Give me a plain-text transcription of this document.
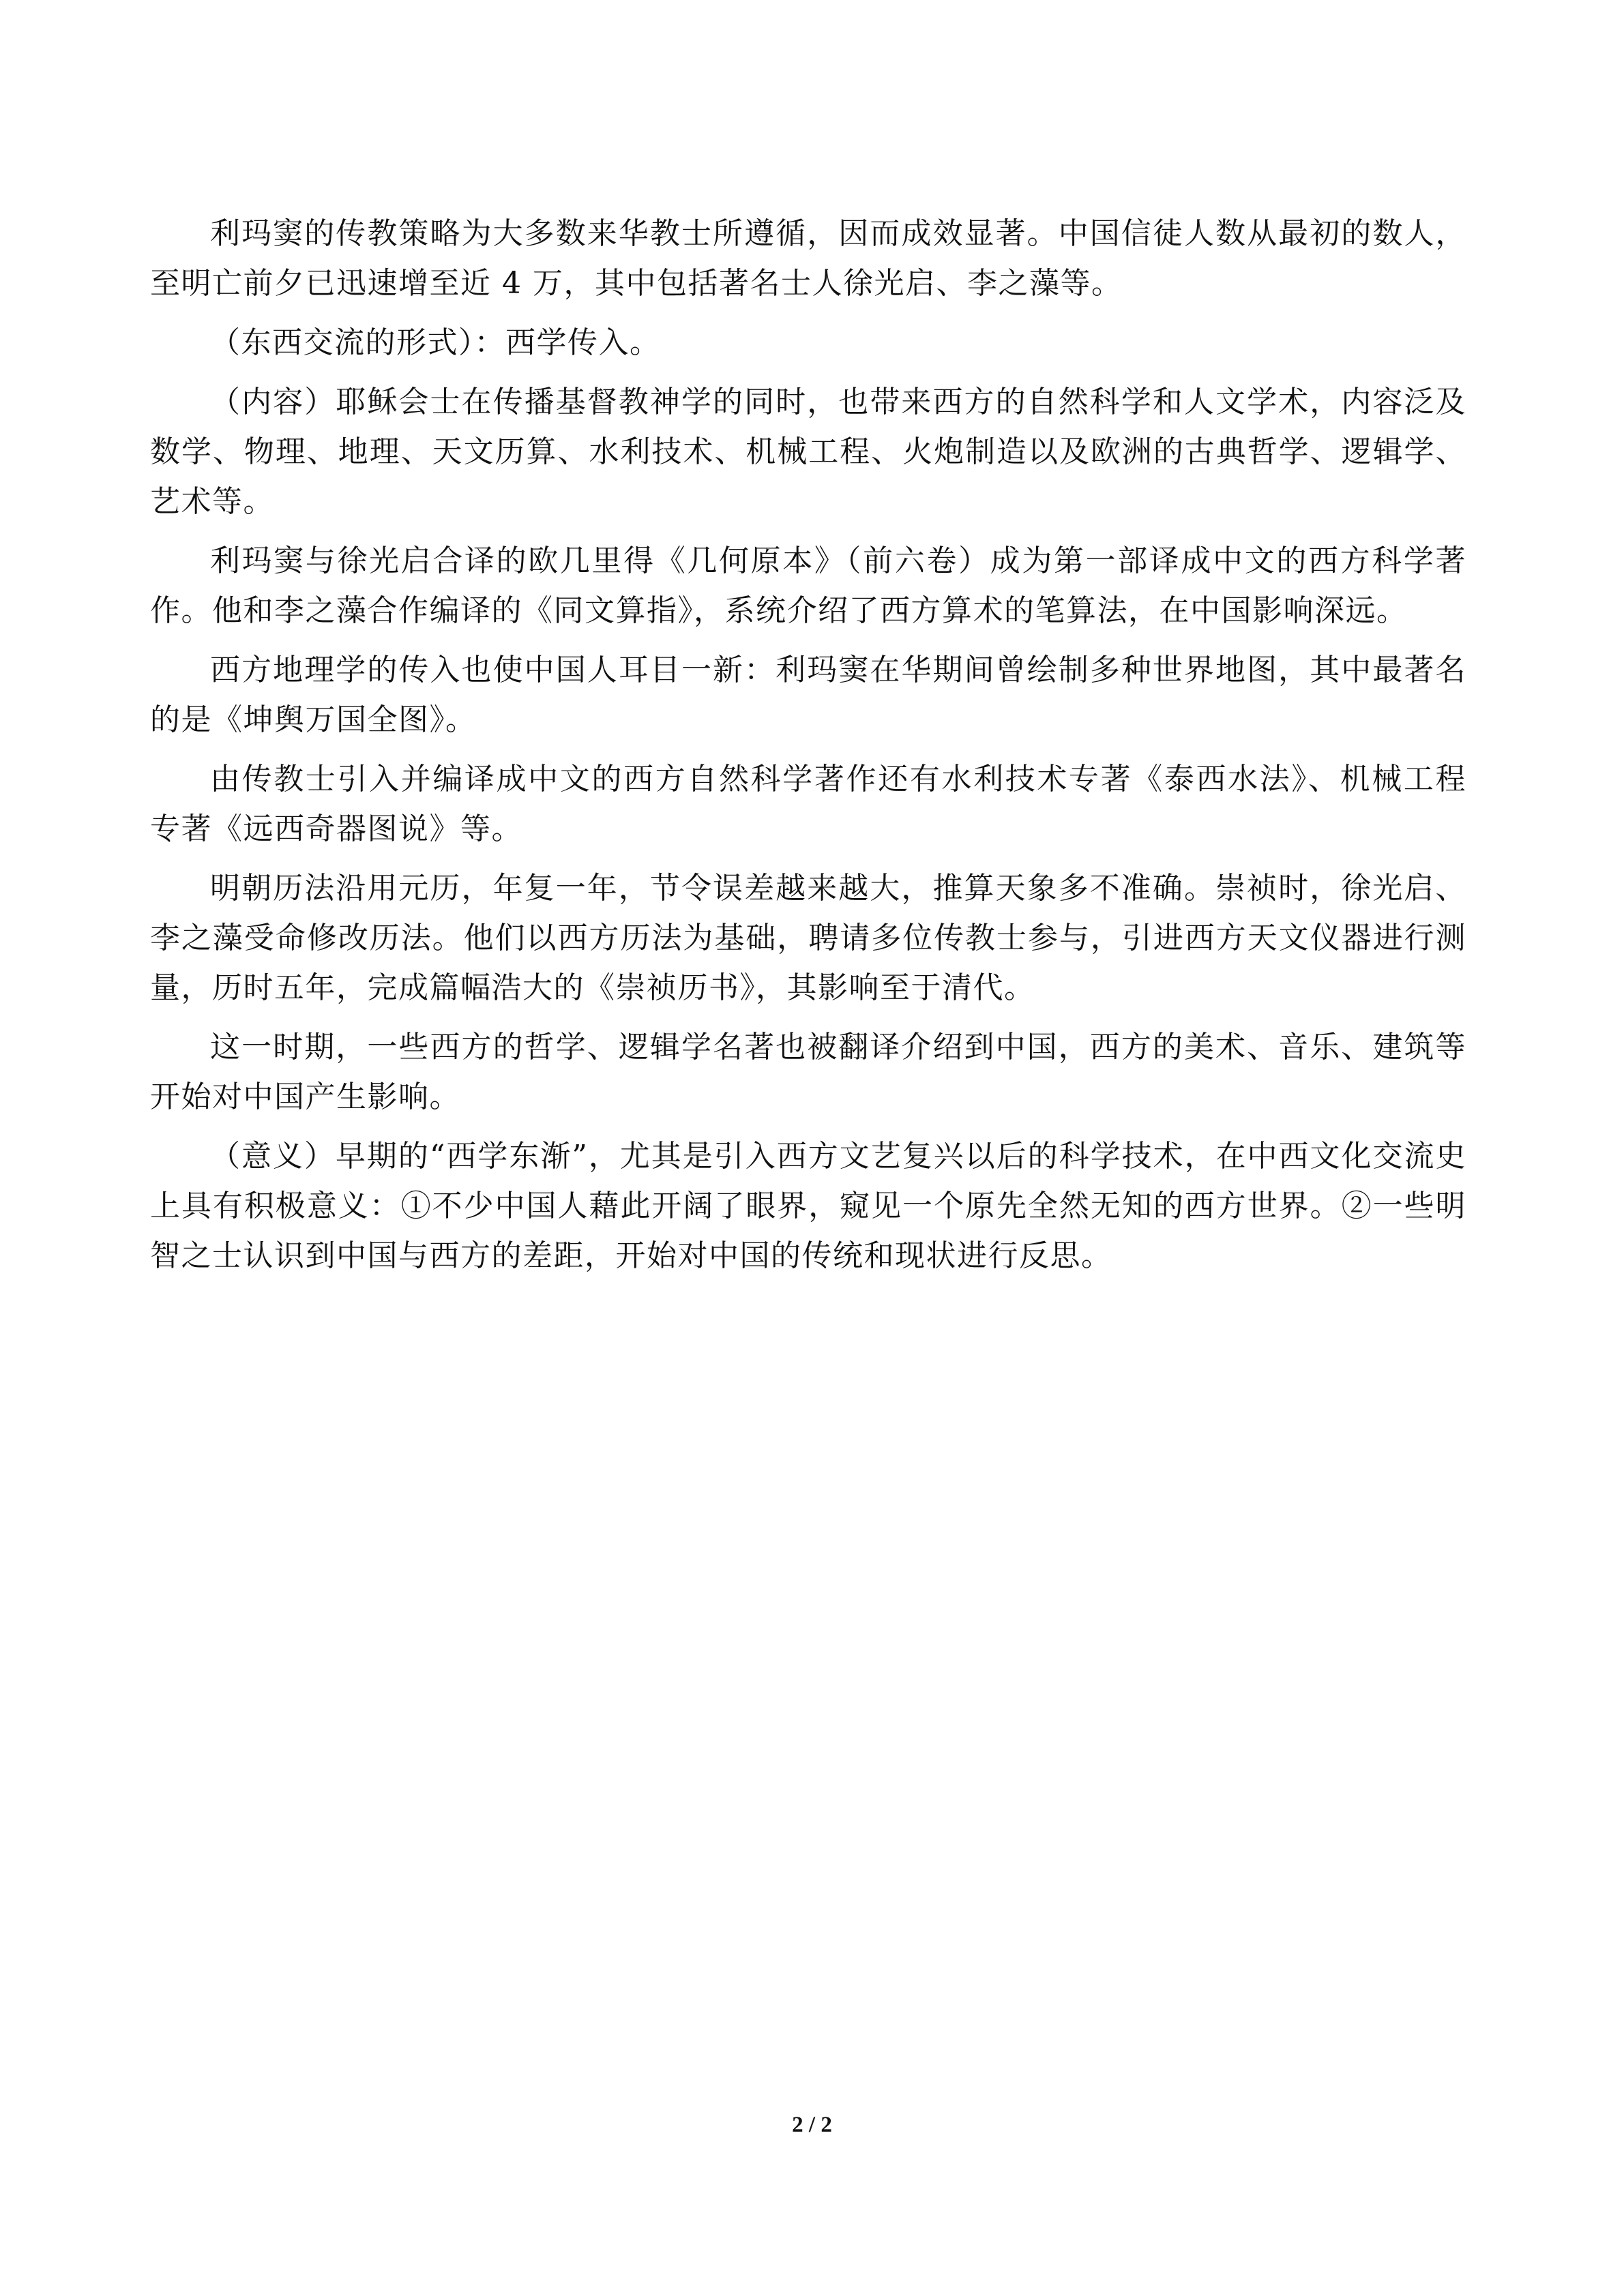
利玛窦的传教策略为大多数来华教士所遵循，因而成效显著。中国信徒人数从最初的数人，至明亡前夕已迅速增至近 4 万，其中包括著名士人徐光启、李之藻等。

（东西交流的形式）：西学传入。

（内容）耶稣会士在传播基督教神学的同时，也带来西方的自然科学和人文学术，内容泛及数学、物理、地理、天文历算、水利技术、机械工程、火炮制造以及欧洲的古典哲学、逻辑学、艺术等。

利玛窦与徐光启合译的欧几里得《几何原本》（前六卷）成为第一部译成中文的西方科学著作。他和李之藻合作编译的《同文算指》，系统介绍了西方算术的笔算法，在中国影响深远。

西方地理学的传入也使中国人耳目一新：利玛窦在华期间曾绘制多种世界地图，其中最著名的是《坤舆万国全图》。

由传教士引入并编译成中文的西方自然科学著作还有水利技术专著《泰西水法》、机械工程专著《远西奇器图说》等。

明朝历法沿用元历，年复一年，节令误差越来越大，推算天象多不准确。崇祯时，徐光启、李之藻受命修改历法。他们以西方历法为基础，聘请多位传教士参与，引进西方天文仪器进行测量，历时五年，完成篇幅浩大的《崇祯历书》，其影响至于清代。

这一时期，一些西方的哲学、逻辑学名著也被翻译介绍到中国，西方的美术、音乐、建筑等开始对中国产生影响。

（意义）早期的“西学东渐”，尤其是引入西方文艺复兴以后的科学技术，在中西文化交流史上具有积极意义：①不少中国人藉此开阔了眼界，窥见一个原先全然无知的西方世界。②一些明智之士认识到中国与西方的差距，开始对中国的传统和现状进行反思。

2 / 2
